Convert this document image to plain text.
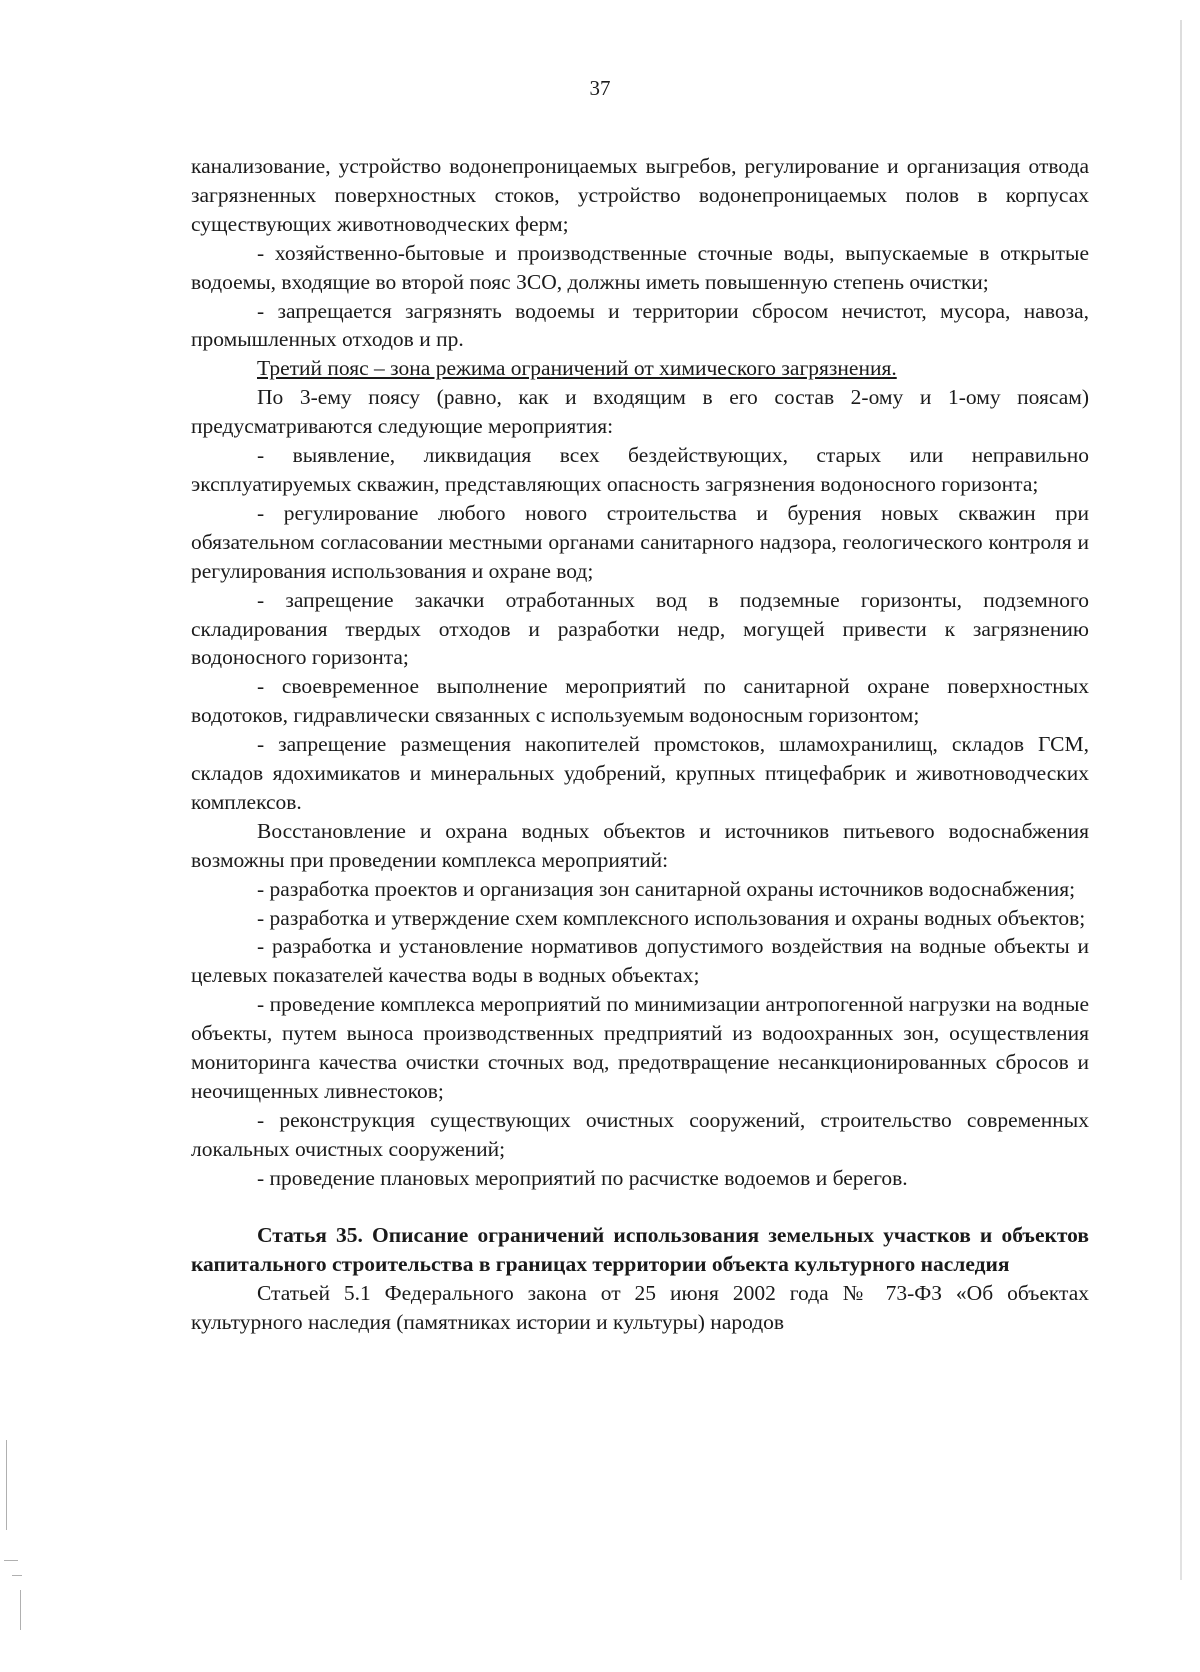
37

канализование, устройство водонепроницаемых выгребов, регулирование и организация отвода загрязненных поверхностных стоков, устройство водонепроницаемых полов в корпусах существующих животноводческих ферм;

- хозяйственно-бытовые и производственные сточные воды, выпускаемые в открытые водоемы, входящие во второй пояс ЗСО, должны иметь повышенную степень очистки;

- запрещается загрязнять водоемы и территории сбросом нечистот, мусора, навоза, промышленных отходов и пр.

Третий пояс – зона режима ограничений от химического загрязнения.

По 3-ему поясу (равно, как и входящим в его состав 2-ому и 1-ому поясам) предусматриваются следующие мероприятия:

- выявление, ликвидация всех бездействующих, старых или неправильно эксплуатируемых скважин, представляющих опасность загрязнения водоносного горизонта;

- регулирование любого нового строительства и бурения новых скважин при обязательном согласовании местными органами санитарного надзора, геологического контроля и регулирования использования и охране вод;

- запрещение закачки отработанных вод в подземные горизонты, подземного складирования твердых отходов и разработки недр, могущей привести к загрязнению водоносного горизонта;

- своевременное выполнение мероприятий по санитарной охране поверхностных водотоков, гидравлически связанных с используемым водоносным горизонтом;

- запрещение размещения накопителей промстоков, шламохранилищ, складов ГСМ, складов ядохимикатов и минеральных удобрений, крупных птицефабрик и животноводческих комплексов.

Восстановление и охрана водных объектов и источников питьевого водоснабжения возможны при проведении комплекса мероприятий:

- разработка проектов и организация зон санитарной охраны источников водоснабжения;

- разработка и утверждение схем комплексного использования и охраны водных объектов;

- разработка и установление нормативов допустимого воздействия на водные объекты и целевых показателей качества воды в водных объектах;

- проведение комплекса мероприятий по минимизации антропогенной нагрузки на водные объекты, путем выноса производственных предприятий из водоохранных зон, осуществления мониторинга качества очистки сточных вод, предотвращение несанкционированных сбросов и неочищенных ливнестоков;

- реконструкция существующих очистных сооружений, строительство современных локальных очистных сооружений;

- проведение плановых мероприятий по расчистке водоемов и берегов.

Статья 35. Описание ограничений использования земельных участков и объектов капитального строительства в границах территории объекта культурного наследия

Статьей 5.1 Федерального закона от 25 июня 2002 года № 73-ФЗ «Об объектах культурного наследия (памятниках истории и культуры) народов
